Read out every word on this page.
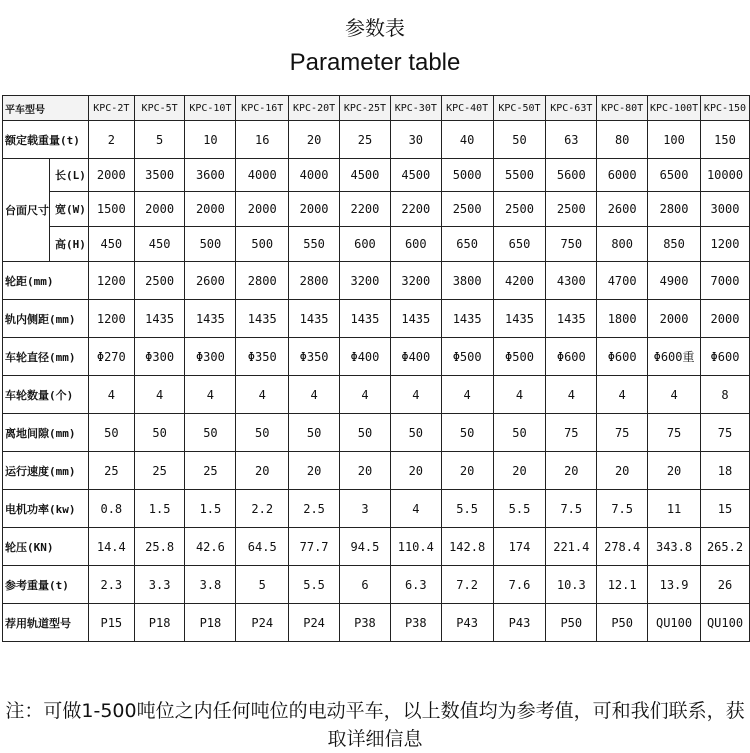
参数表
Parameter table
平车型号		KPC-2T	KPC-5T	KPC-10T	KPC-16T	KPC-20T	KPC-25T	KPC-30T	KPC-40T	KPC-50T	KPC-63T	KPC-80T	KPC-100T	KPC-150
额定载重量(t)		2	5	10	16	20	25	30	40	50	63	80	100	150
台面尺寸	长(L)	2000	3500	3600	4000	4000	4500	4500	5000	5500	5600	6000	6500	10000
	宽(W)	1500	2000	2000	2000	2000	2200	2200	2500	2500	2500	2600	2800	3000
	高(H)	450	450	500	500	550	600	600	650	650	750	800	850	1200
轮距(mm)		1200	2500	2600	2800	2800	3200	3200	3800	4200	4300	4700	4900	7000
轨内侧距(mm)		1200	1435	1435	1435	1435	1435	1435	1435	1435	1435	1800	2000	2000
车轮直径(mm)		Φ270	Φ300	Φ300	Φ350	Φ350	Φ400	Φ400	Φ500	Φ500	Φ600	Φ600	Φ600重	Φ600
车轮数量(个)		4	4	4	4	4	4	4	4	4	4	4	4	8
离地间隙(mm)		50	50	50	50	50	50	50	50	50	75	75	75	75
运行速度(mm)		25	25	25	20	20	20	20	20	20	20	20	20	18
电机功率(kw)		0.8	1.5	1.5	2.2	2.5	3	4	5.5	5.5	7.5	7.5	11	15
轮压(KN)		14.4	25.8	42.6	64.5	77.7	94.5	110.4	142.8	174	221.4	278.4	343.8	265.2
参考重量(t)		2.3	3.3	3.8	5	5.5	6	6.3	7.2	7.6	10.3	12.1	13.9	26
荐用轨道型号		P15	P18	P18	P24	P24	P38	P38	P43	P43	P50	P50	QU100	QU100
注：可做1-500吨位之内任何吨位的电动平车，以上数值均为参考值，可和我们联系，获取详细信息
